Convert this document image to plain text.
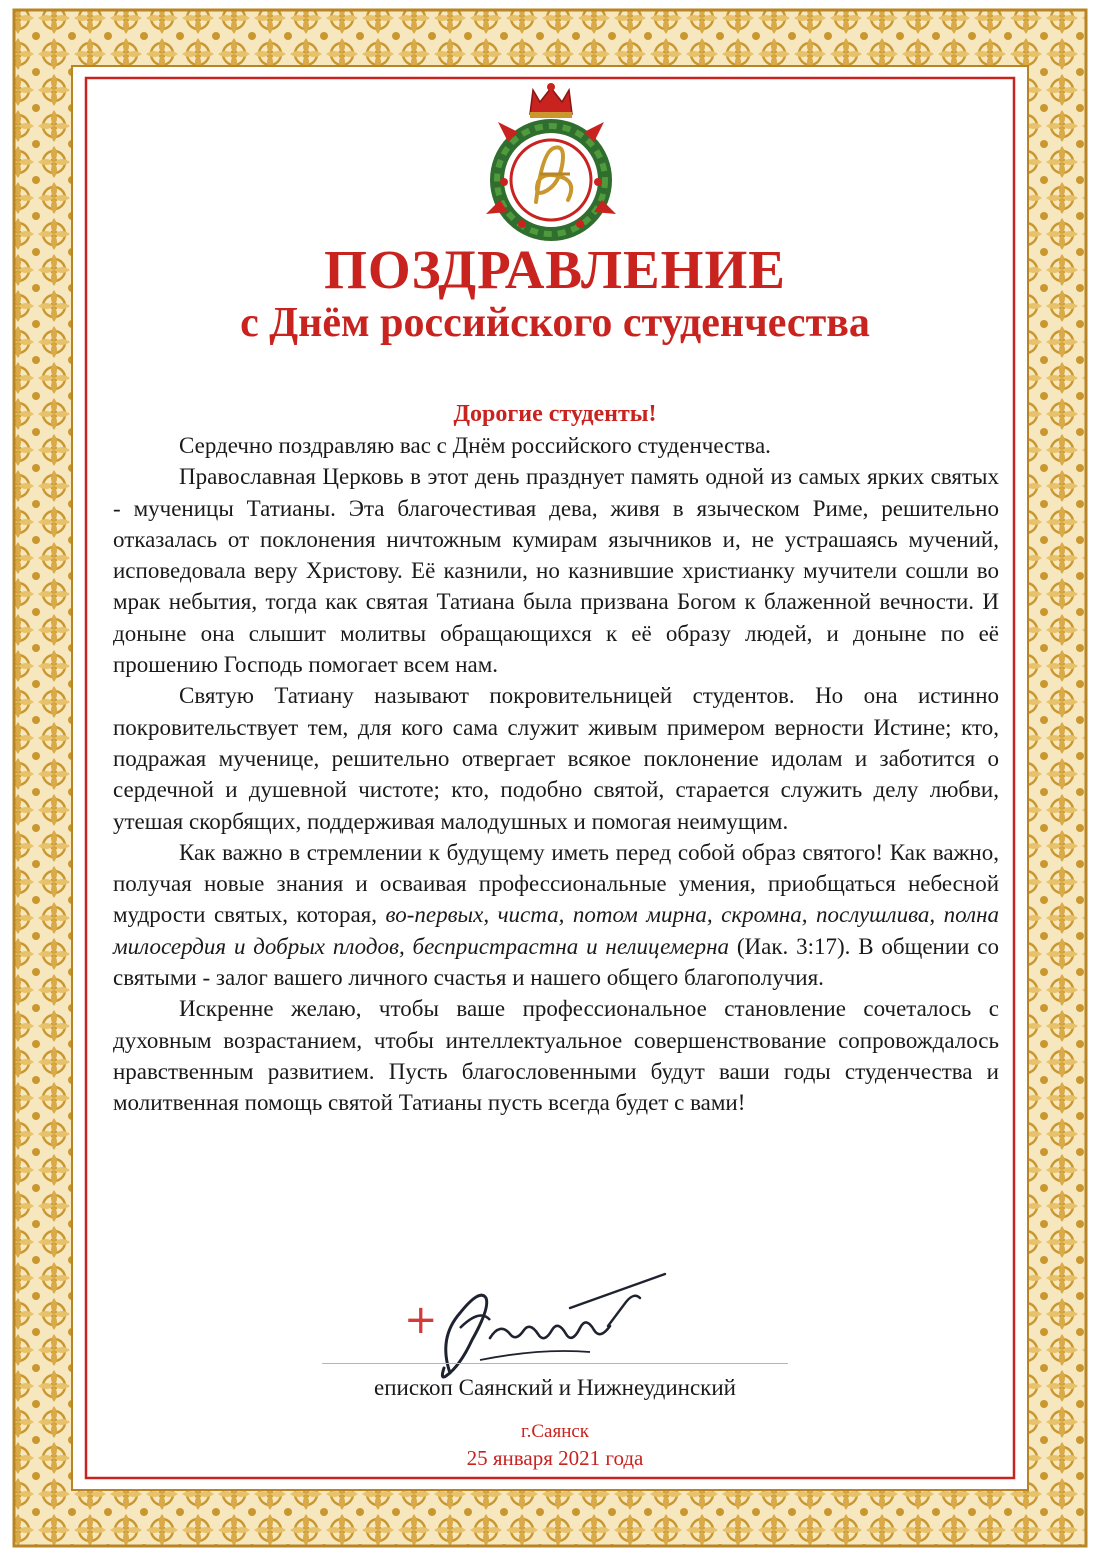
ПОЗДРАВЛЕНИЕ
с Днём российского студенчества

Дорогие студенты!

Сердечно поздравляю вас с Днём российского студенчества.

Православная Церковь в этот день празднует память одной из самых ярких святых - мученицы Татианы. Эта благочестивая дева, живя в языческом Риме, решительно отказалась от поклонения ничтожным кумирам язычников и, не устрашаясь мучений, исповедовала веру Христову. Её казнили, но казнившие христианку мучители сошли во мрак небытия, тогда как святая Татиана была призвана Богом к блаженной вечности. И доныне она слышит молитвы обращающихся к её образу людей, и доныне по её прошению Господь помогает всем нам.

Святую Татиану называют покровительницей студентов. Но она истинно покровительствует тем, для кого сама служит живым примером верности Истине; кто, подражая мученице, решительно отвергает всякое поклонение идолам и заботится о сердечной и душевной чистоте; кто, подобно святой, старается служить делу любви, утешая скорбящих, поддерживая малодушных и помогая неимущим.

Как важно в стремлении к будущему иметь перед собой образ святого! Как важно, получая новые знания и осваивая профессиональные умения, приобщаться небесной мудрости святых, которая, во-первых, чиста, потом мирна, скромна, послушлива, полна милосердия и добрых плодов, беспристрастна и нелицемерна (Иак. 3:17). В общении со святыми - залог вашего личного счастья и нашего общего благополучия.

Искренне желаю, чтобы ваше профессиональное становление сочеталось с духовным возрастанием, чтобы интеллектуальное совершенствование сопровождалось нравственным развитием. Пусть благословенными будут ваши годы студенчества и молитвенная помощь святой Татианы пусть всегда будет с вами!

+

епископ Саянский и Нижнеудинский

г.Саянск

25 января 2021 года
